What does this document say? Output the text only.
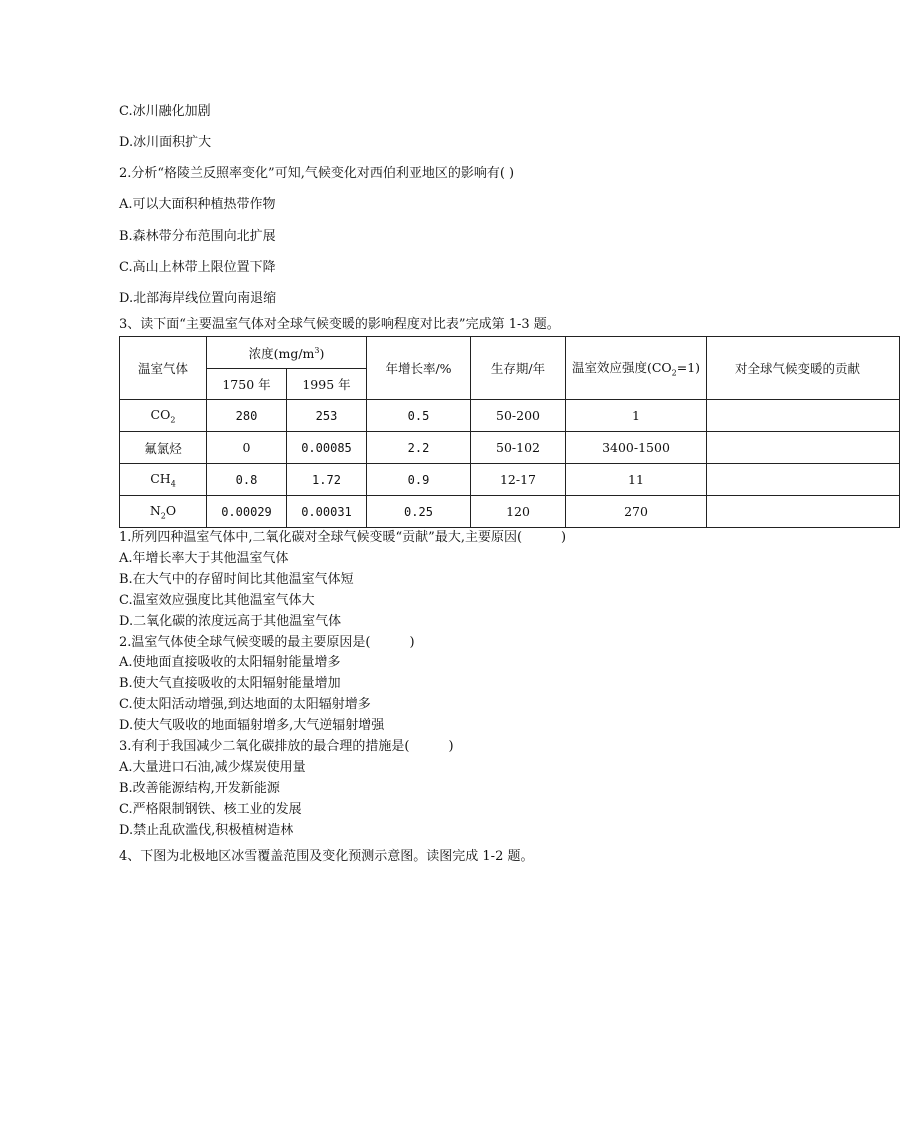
C.冰川融化加剧
D.冰川面积扩大
2.分析“格陵兰反照率变化”可知,气候变化对西伯利亚地区的影响有( )
A.可以大面积种植热带作物
B.森林带分布范围向北扩展
C.高山上林带上限位置下降
D.北部海岸线位置向南退缩
3、读下面“主要温室气体对全球气候变暖的影响程度对比表”完成第 1-3 题。
温室气体	浓度$(mg/m^3)$		年增长率/%	生存期/年	温室效应强度$(CO_2=1)$	对全球气候变暖的贡献
	1750 年	1995 年				
$CO_2$	280	253	0.5	50-200	1	
氟氯烃	0	0.00085	2.2	50-102	3400-1500	
$CH_4$	0.8	1.72	0.9	12-17	11	
$N_2O$	0.00029	0.00031	0.25	120	270	
1.所列四种温室气体中,二氧化碳对全球气候变暖“贡献”最大,主要原因(　　　)
A.年增长率大于其他温室气体
B.在大气中的存留时间比其他温室气体短
C.温室效应强度比其他温室气体大
D.二氧化碳的浓度远高于其他温室气体
2.温室气体使全球气候变暖的最主要原因是(　　　)
A.使地面直接吸收的太阳辐射能量增多
B.使大气直接吸收的太阳辐射能量增加
C.使太阳活动增强,到达地面的太阳辐射增多
D.使大气吸收的地面辐射增多,大气逆辐射增强
3.有利于我国减少二氧化碳排放的最合理的措施是(　　　)
A.大量进口石油,减少煤炭使用量
B.改善能源结构,开发新能源
C.严格限制钢铁、核工业的发展
D.禁止乱砍滥伐,积极植树造林
4、下图为北极地区冰雪覆盖范围及变化预测示意图。读图完成 1-2 题。
